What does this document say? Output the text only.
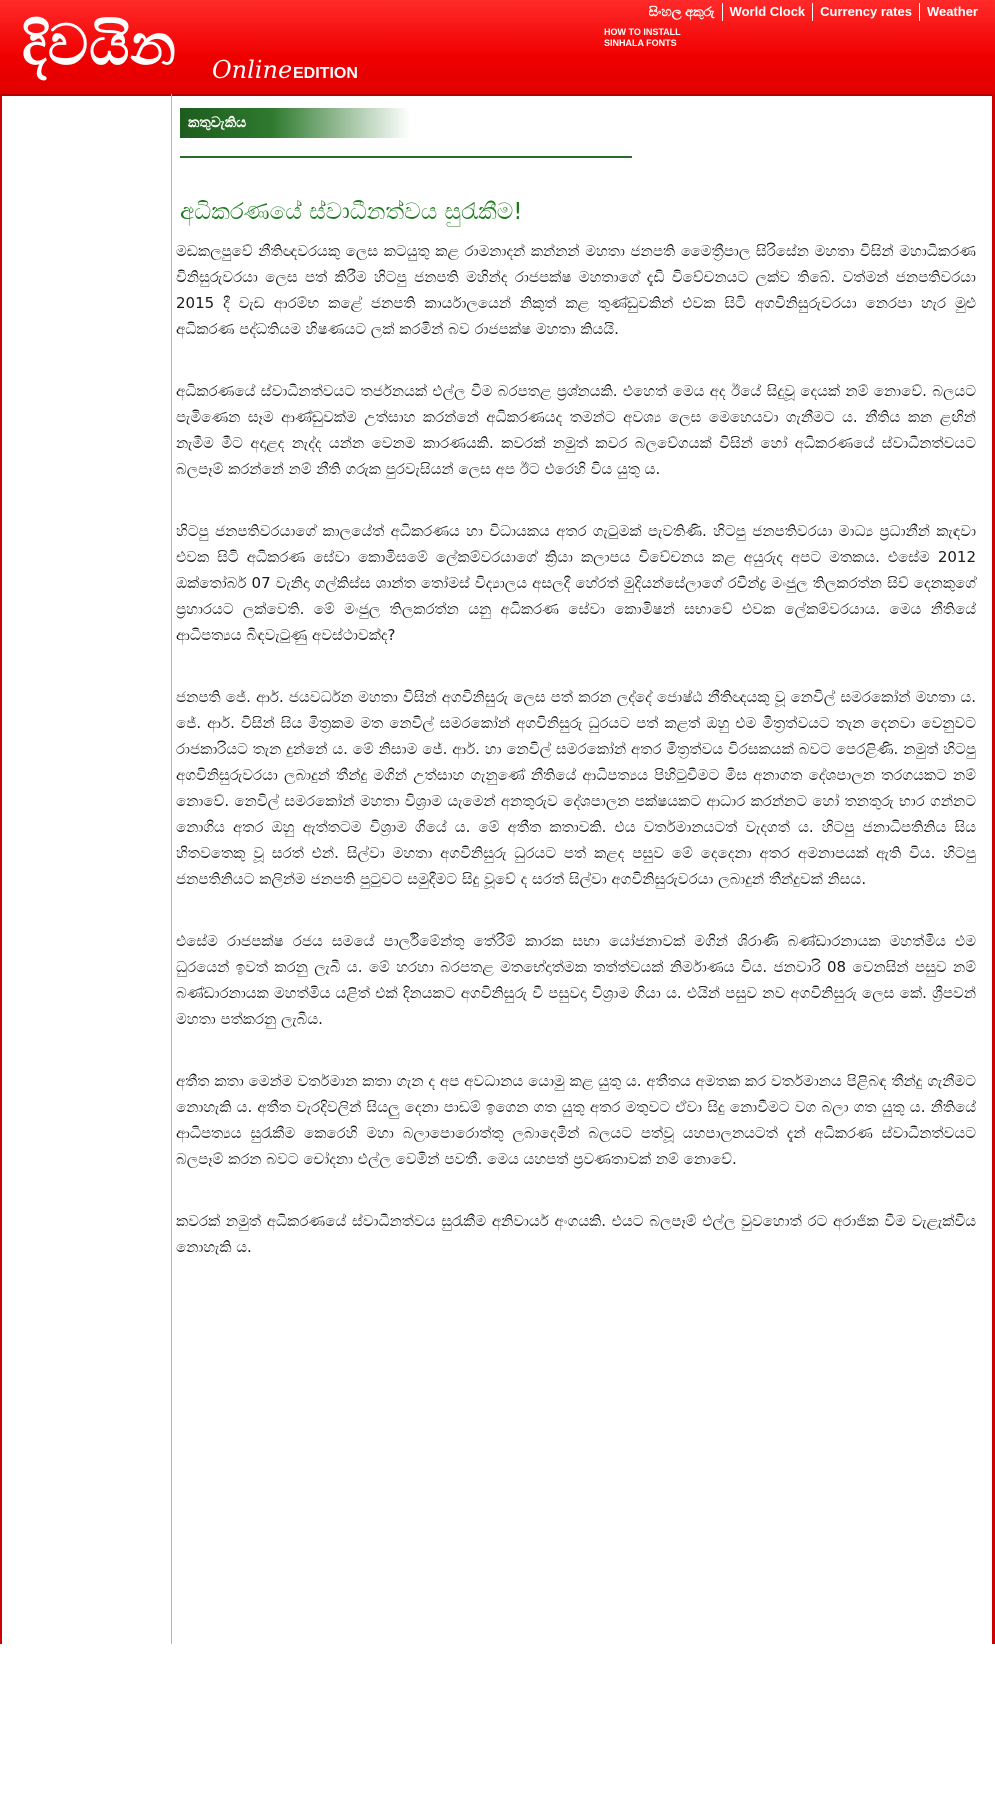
දිවයින Online EDITION
සිංහල අකුරු	World Clock	Currency rates	Weather
HOW TO INSTALL SINHALA FONTS
කතුවැකිය
අධිකරණයේ ස්වාධීනත්වය සුරැකීම!

මඩකලපුවේ නීතිඥවරයකු ලෙස කටයුතු කළ රාමනාදන් කන්නන් මහතා ජනපති මෛත්‍රීපාල සිරිසේන මහතා විසින් මහාධිකරණ විනිසුරුවරයා ලෙස පත් කිරීම හිටපු ජනපති මහින්ද රාජපක්ෂ මහතාගේ දැඩි විවේචනයට ලක්ව තිබේ. වත්මන් ජනපතිවරයා 2015 දී වැඩ ආරම්භ කළේ ජනපති කාර්යාලයෙන් නිකුත් කළ තුණ්ඩුවකින් එවක සිටි අගවිනිසුරුවරයා නෙරපා හැර මුළු අධිකරණ පද්ධතියම හිෂණයට ලක් කරමින් බව රාජපක්ෂ මහතා කියයි.

අධිකරණයේ ස්වාධීනත්වයට තර්ජනයක් එල්ල වීම බරපතළ ප්‍රශ්නයකි. එහෙත් මෙය අද ඊයේ සිදුවූ දෙයක් නම් නොවේ. බලයට පැමිණෙන සෑම ආණ්ඩුවක්ම උත්සාහ කරන්නේ අධිකරණයද තමන්ට අවශ්‍ය ලෙස මෙහෙයවා ගැනීමට ය. නීතිය කන ළඟින් නැමීම මීට අදාළද නැද්ද යන්න වෙනම කාරණයකි. කවරක් නමුත් කවර බලවේගයක් විසින් හෝ අධිකරණයේ ස්වාධීනත්වයට බලපෑම් කරන්නේ නම් නීති ගරුක පුරවැසියන් ලෙස අප ඊට එරෙහි විය යුතු ය.

හිටපු ජනපතිවරයාගේ කාලයේත් අධිකරණය හා විධායකය අතර ගැටුමක් පැවතිණි. හිටපු ජනපතිවරයා මාධ්‍ය ප්‍රධානීන් කැඳවා එවක සිටි අධිකරණ සේවා කොමිසමේ ලේකම්වරයාගේ ක්‍රියා කලාපය විවේචනය කළ අයුරුද අපට මතකය. එසේම 2012 ඔක්තෝබර් 07 වැනිදා ගල්කිස්ස ශාන්ත තෝමස් විද්‍යාලය අසලදී හේරත් මුදියන්සේලාගේ රවීන්ද්‍ර මංජුල තිලකරත්න සිව් දෙනකුගේ ප්‍රහාරයට ලක්වෙති. මේ මංජුල තිලකරත්න යනු අධිකරණ සේවා කොමිෂන් සභාවේ එවක ලේකම්වරයාය. මෙය නීතියේ ආධිපත්‍යය බිඳවැටුණු අවස්ථාවක්ද?

ජනපති ජේ. ආර්. ජයවර්ධන මහතා විසින් අගවිනිසුරු ලෙස පත් කරන ලද්දේ ජොෂ්ඨ නීතිඥයකු වූ නෙවිල් සමරකෝන් මහතා ය. ජේ. ආර්. විසින් සිය මිත්‍රකම මත නෙවිල් සමරකෝන් අගවිනිසුරු ධුරයට පත් කළත් ඔහු එම මිත්‍රත්වයට තැන දෙනවා වෙනුවට රාජකාරියට තැන දුන්නේ ය. මේ නිසාම ජේ. ආර්. හා නෙවිල් සමරකෝන් අතර මිත්‍රත්වය විරසකයක් බවට පෙරළිණි. නමුත් හිටපු අගවිනිසුරුවරයා ලබාදුන් තීන්දු මගින් උත්සාහ ගැනුණේ නීතියේ ආධිපත්‍යය පිහිටුවීමට මිස අනාගත දේශපාලන තරගයකට නම් නොවේ. නෙවිල් සමරකෝන් මහතා විශ්‍රාම යැමෙන් අනතුරුව දේශපාලන පක්ෂයකට ආධාර කරන්නට හෝ තනතුරු භාර ගන්නට නොගිය අතර ඔහු ඇත්තටම විශ්‍රාම ගියේ ය. මේ අතීත කතාවකි. එය වර්තමානයටත් වැදගත් ය. හිටපු ජනාධිපතිනිය සිය හිතවතෙකු වූ සරත් එන්. සිල්වා මහතා අගවිනිසුරු ධුරයට පත් කළද පසුව මේ දෙදෙනා අතර අමනාපයක් ඇති විය. හිටපු ජනපතිනියට කලින්ම ජනපති පුටුවට සමුදීමට සිදු වූවේ ද සරත් සිල්වා අගවිනිසුරුවරයා ලබාදුන් තීන්දුවක් නිසය.

එසේම රාජපක්ෂ රජය සමයේ පාර්ලිමේන්තු තේරීම් කාරක සභා යෝජනාවක් මගින් ශිරාණි බණ්ඩාරනායක මහත්මිය එම ධුරයෙන් ඉවත් කරනු ලැබී ය. මේ හරහා බරපතළ මතභේදාත්මක තත්ත්වයක් නිර්මාණය විය. ජනවාරි 08 වෙනසින් පසුව නම් බණ්ඩාරනායක මහත්මිය යළිත් එක් දිනයකට අගවිනිසුරු වී පසුවදා විශ්‍රාම ගියා ය. එයින් පසුව නව අගවිනිසුරු ලෙස කේ. ශ්‍රීපවන් මහතා පත්කරනු ලැබීය.

අතීත කතා මෙන්ම වර්තමාන කතා ගැන ද අප අවධානය යොමු කළ යුතු ය. අතීතය අමතක කර වර්තමානය පිළිබඳ තීන්දු ගැනීමට නොහැකි ය. අතීත වැරදිවලින් සියලු දෙනා පාඩම් ඉගෙන ගත යුතු අතර මතුවට ඒවා සිදු නොවීමට වග බලා ගත යුතු ය. නීතියේ ආධිපත්‍යය සුරැකීම කෙරෙහි මහා බලාපොරොත්තු ලබාදෙමින් බලයට පත්වූ යහපාලනයටත් දැන් අධිකරණ ස්වාධීනත්වයට බලපෑම් කරන බවට චෝදනා එල්ල වෙමින් පවතී. මෙය යහපත් ප්‍රවණතාවක් නම් නොවේ.

කවරක් නමුත් අධිකරණයේ ස්වාධීනත්වය සුරැකීම අනිවාර්ය අංගයකි. එයට බලපෑම් එල්ල වුවහොත් රට අරාජික වීම වැළැක්විය නොහැකි ය.
